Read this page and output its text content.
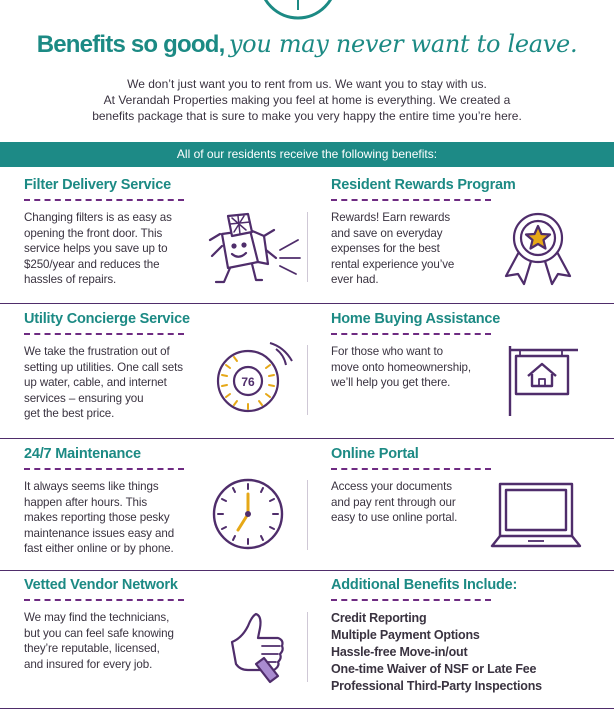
Benefits so good, you may never want to leave.

We don’t just want you to rent from us. We want you to stay with us.

At Verandah Properties making you feel at home is everything. We created a

benefits package that is sure to make you very happy the entire time you’re here.

All of our residents receive the following benefits:
Filter Delivery Service

Changing filters is as easy as
opening the front door. This
service helps you save up to
$250/year and reduces the
hassles of repairs.

Resident Rewards Program

Rewards! Earn rewards
and save on everyday
expenses for the best
rental experience you’ve
ever had.

Utility Concierge Service

We take the frustration out of
setting up utilities. One call sets
up water, cable, and internet
services – ensuring you
get the best price.

76
Home Buying Assistance

For those who want to
move onto homeownership,
we’ll help you get there.

24/7 Maintenance

It always seems like things
happen after hours. This
makes reporting those pesky
maintenance issues easy and
fast either online or by phone.

Online Portal

Access your documents
and pay rent through our
easy to use online portal.

Vetted Vendor Network

We may find the technicians,
but you can feel safe knowing
they’re reputable, licensed,
and insured for every job.

Additional Benefits Include:
Credit Reporting
Multiple Payment Options
Hassle-free Move-in/out
One-time Waiver of NSF or Late Fee
Professional Third-Party Inspections
